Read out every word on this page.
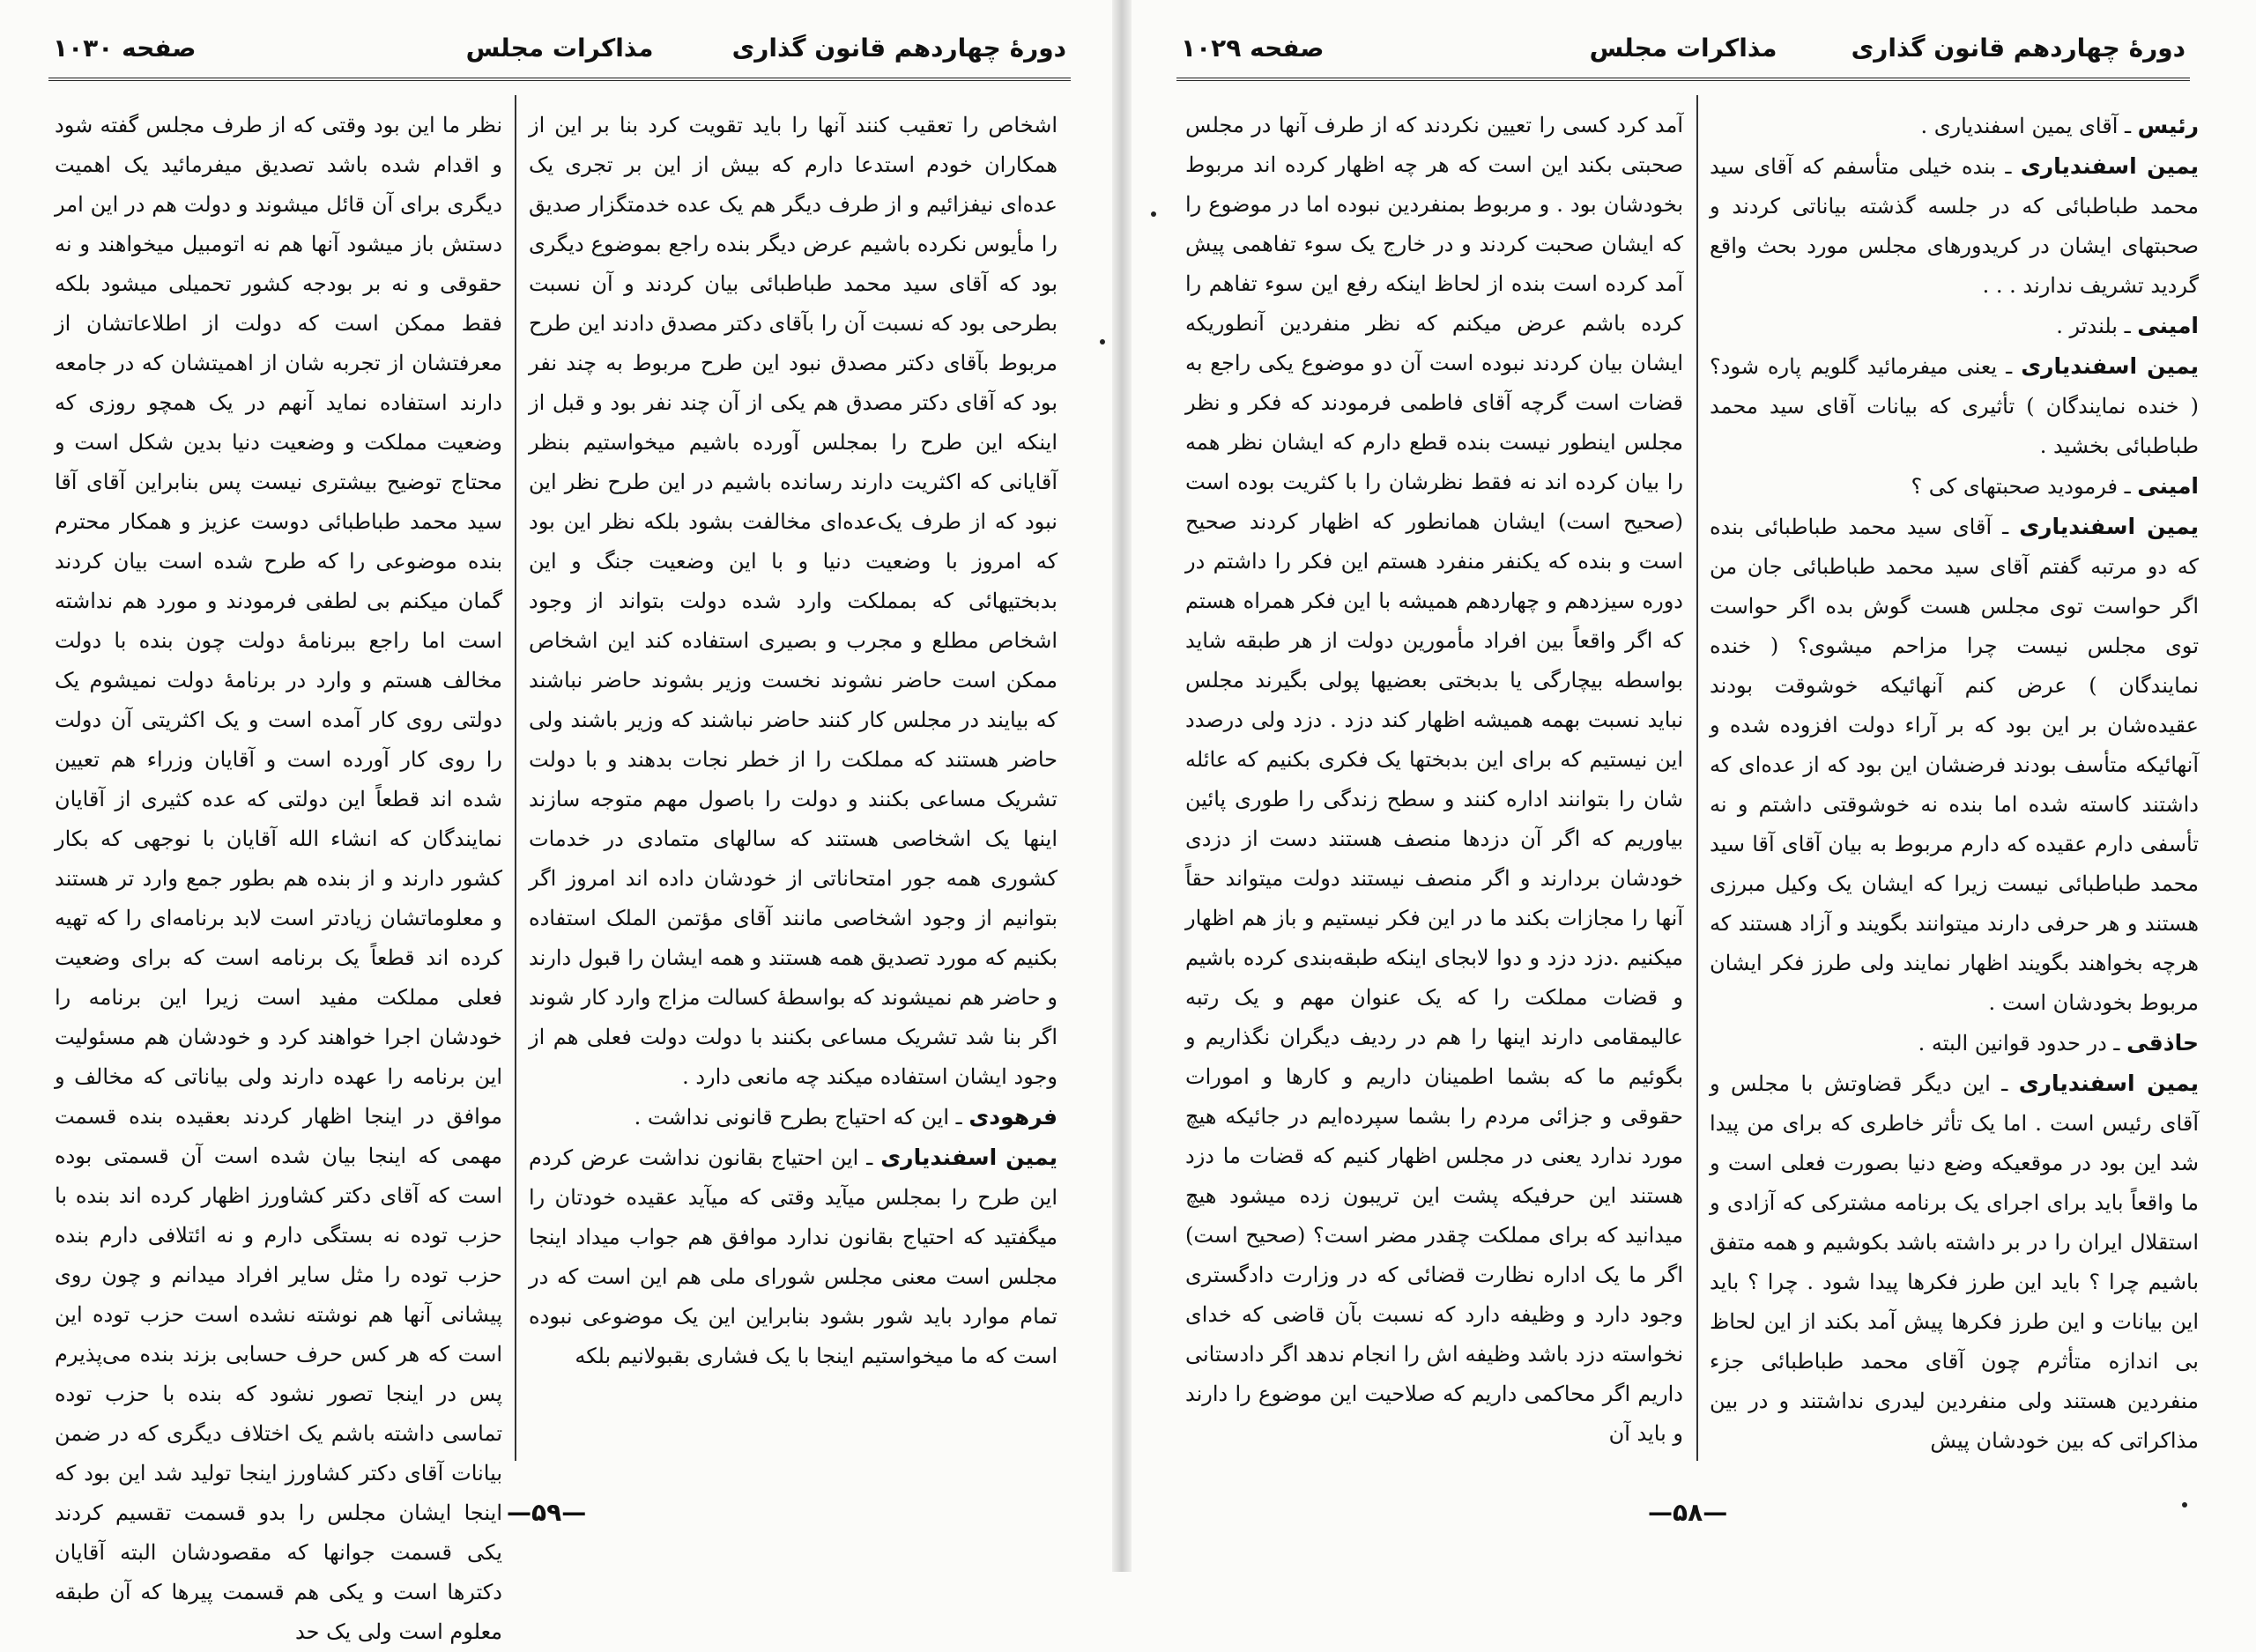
دورهٔ چهاردهم قانون گذاری
مذاکرات مجلس
صفحه ۱۰۳۰

اشخاص را تعقیب کنند آنها را باید تقویت کرد بنا بر این از همکاران خودم استدعا دارم که بیش از این بر تجری یک عده‌ای نیفزائیم و از طرف دیگر هم یک عده خدمتگزار صدیق را مأیوس نکرده باشیم عرض دیگر بنده راجع بموضوع دیگری بود که آقای سید محمد طباطبائی بیان کردند و آن نسبت بطرحی بود که نسبت آن را بآقای دکتر مصدق دادند این طرح مربوط بآقای دکتر مصدق نبود این طرح مربوط به چند نفر بود که آقای دکتر مصدق هم یکی از آن چند نفر بود و قبل از اینکه این طرح را بمجلس آورده باشیم میخواستیم بنظر آقایانی که اکثریت دارند رسانده باشیم در این طرح نظر این نبود که از طرف یک‌عده‌ای مخالفت بشود بلکه نظر این بود که امروز با وضعیت دنیا و با این وضعیت جنگ و این بدبختیهائی که بمملکت وارد شده دولت بتواند از وجود اشخاص مطلع و مجرب و بصیری استفاده کند این اشخاص ممکن است حاضر نشوند نخست وزیر بشوند حاضر نباشند که بیایند در مجلس کار کنند حاضر نباشند که وزیر باشند ولی حاضر هستند که مملکت را از خطر نجات بدهند و با دولت تشریک مساعی بکنند و دولت را باصول مهم متوجه سازند اینها یک اشخاصی هستند که سالهای متمادی در خدمات کشوری همه جور امتحاناتی از خودشان داده اند امروز اگر بتوانیم از وجود اشخاصی مانند آقای مؤتمن الملک استفاده بکنیم که مورد تصدیق همه هستند و همه ایشان را قبول دارند و حاضر هم نمیشوند که بواسطهٔ کسالت مزاج وارد کار شوند اگر بنا شد تشریک مساعی بکنند با دولت دولت فعلی هم از وجود ایشان استفاده میکند چه مانعی دارد .

فرهودی ـ این که احتیاج بطرح قانونی نداشت .

یمین اسفندیاری ـ این احتیاج بقانون نداشت عرض کردم این طرح را بمجلس میآید وقتی که میآید عقیده خودتان را میگفتید که احتیاج بقانون ندارد موافق هم جواب میداد اینجا مجلس است معنی مجلس شورای ملی هم این است که در تمام موارد باید شور بشود بنابراین این یک موضوعی نبوده است که ما میخواستیم اینجا با یک فشاری بقبولانیم بلکه

نظر ما این بود وقتی که از طرف مجلس گفته شود و اقدام شده باشد تصدیق میفرمائید یک اهمیت دیگری برای آن قائل میشوند و دولت هم در این امر دستش باز میشود آنها هم نه اتومبیل میخواهند و نه حقوقی و نه بر بودجه کشور تحمیلی میشود بلکه فقط ممکن است که دولت از اطلاعاتشان از معرفتشان از تجربه شان از اهمیتشان که در جامعه دارند استفاده نماید آنهم در یک همچو روزی که وضعیت مملکت و وضعیت دنیا بدین شکل است و محتاج توضیح بیشتری نیست پس بنابراین آقای آقا سید محمد طباطبائی دوست عزیز و همکار محترم بنده موضوعی را که طرح شده است بیان کردند گمان میکنم بی لطفی فرمودند و مورد هم نداشته است اما راجع ببرنامهٔ دولت چون بنده با دولت مخالف هستم و وارد در برنامهٔ دولت نمیشوم یک دولتی روی کار آمده است و یک اکثریتی آن دولت را روی کار آورده است و آقایان وزراء هم تعیین شده اند قطعاً این دولتی که عده کثیری از آقایان نمایندگان که انشاء الله آقایان با نوجهی که بکار کشور دارند و از بنده هم بطور جمع وارد تر هستند و معلوماتشان زیادتر است لابد برنامه‌ای را که تهیه کرده اند قطعاً یک برنامه است که برای وضعیت فعلی مملکت مفید است زیرا این برنامه را خودشان اجرا خواهند کرد و خودشان هم مسئولیت این برنامه را عهده دارند ولی بیاناتی که مخالف و موافق در اینجا اظهار کردند بعقیده بنده قسمت مهمی که اینجا بیان شده است آن قسمتی بوده است که آقای دکتر کشاورز اظهار کرده اند بنده با حزب توده نه بستگی دارم و نه ائتلافی دارم بنده حزب توده را مثل سایر افراد میدانم و چون روی پیشانی آنها هم نوشته نشده است حزب توده این است که هر کس حرف حسابی بزند بنده می‌پذیرم پس در اینجا تصور نشود که بنده با حزب توده تماسی داشته باشم یک اختلاف دیگری که در ضمن بیانات آقای دکتر کشاورز اینجا تولید شد این بود که اینجا ایشان مجلس را بدو قسمت تقسیم کردند یکی قسمت جوانها که مقصودشان البته آقایان دکترها است و یکی هم قسمت پیرها که آن طبقه معلوم است ولی یک حد

—۵۹—
دورهٔ چهاردهم قانون گذاری
مذاکرات مجلس
صفحه ۱۰۲۹

رئیس ـ آقای یمین اسفندیاری .

یمین اسفندیاری ـ بنده خیلی متأسفم که آقای سید محمد طباطبائی که در جلسه گذشته بیاناتی کردند و صحبتهای ایشان در کریدورهای مجلس مورد بحث واقع گردید تشریف ندارند . . .

امینی ـ بلندتر .

یمین اسفندیاری ـ یعنی میفرمائید گلویم پاره شود؟ ( خنده نمایندگان ) تأثیری که بیانات آقای سید محمد طباطبائی بخشید .

امینی ـ فرمودید صحبتهای کی ؟

یمین اسفندیاری ـ آقای سید محمد طباطبائی بنده که دو مرتبه گفتم آقای سید محمد طباطبائی جان من اگر حواست توی مجلس هست گوش بده اگر حواست توی مجلس نیست چرا مزاحم میشوی؟ ( خنده نمایندگان ) عرض کنم آنهائیکه خوشوقت بودند عقیده‌شان بر این بود که بر آراء دولت افزوده شده و آنهائیکه متأسف بودند فرضشان این بود که از عده‌ای که داشتند کاسته شده اما بنده نه خوشوقتی داشتم و نه تأسفی دارم عقیده که دارم مربوط به بیان آقای آقا سید محمد طباطبائی نیست زیرا که ایشان یک وکیل مبرزی هستند و هر حرفی دارند میتوانند بگویند و آزاد هستند که هرچه بخواهند بگویند اظهار نمایند ولی طرز فکر ایشان مربوط بخودشان است .

حاذقی ـ در حدود قوانین البته .

یمین اسفندیاری ـ این دیگر قضاوتش با مجلس و آقای رئیس است . اما یک تأثر خاطری که برای من پیدا شد این بود در موقعیکه وضع دنیا بصورت فعلی است و ما واقعاً باید برای اجرای یک برنامه مشترکی که آزادی و استقلال ایران را در بر داشته باشد بکوشیم و همه متفق باشیم چرا ؟ باید این طرز فکرها پیدا شود . چرا ؟ باید این بیانات و این طرز فکرها پیش آمد بکند از این لحاظ بی اندازه متأثرم چون آقای محمد طباطبائی جزء منفردین هستند ولی منفردین لیدری نداشتند و در بین مذاکراتی که بین خودشان پیش

آمد کرد کسی را تعیین نکردند که از طرف آنها در مجلس صحبتی بکند این است که هر چه اظهار کرده اند مربوط بخودشان بود . و مربوط بمنفردین نبوده اما در موضوع را که ایشان صحبت کردند و در خارج یک سوء تفاهمی پیش آمد کرده است بنده از لحاظ اینکه رفع این سوء تفاهم را کرده باشم عرض میکنم که نظر منفردین آنطوریکه ایشان بیان کردند نبوده است آن دو موضوع یکی راجع به قضات است گرچه آقای فاطمی فرمودند که فکر و نظر مجلس اینطور نیست بنده قطع دارم که ایشان نظر همه را بیان کرده اند نه فقط نظرشان را با کثریت بوده است (صحیح است) ایشان همانطور که اظهار کردند صحیح است و بنده که یکنفر منفرد هستم این فکر را داشتم در دوره سیزدهم و چهاردهم همیشه با این فکر همراه هستم که اگر واقعاً بین افراد مأمورین دولت از هر طبقه شاید بواسطه بیچارگی یا بدبختی بعضیها پولی بگیرند مجلس نباید نسبت بهمه همیشه اظهار کند دزد . دزد ولی درصدد این نیستیم که برای این بدبختها یک فکری بکنیم که عائله شان را بتوانند اداره کنند و سطح زندگی را طوری پائین بیاوریم که اگر آن دزدها منصف هستند دست از دزدی خودشان بردارند و اگر منصف نیستند دولت میتواند حقاً آنها را مجازات بکند ما در این فکر نیستیم و باز هم اظهار میکنیم .دزد دزد و دوا لابجای اینکه طبقه‌بندی کرده باشیم و قضات مملکت را که یک عنوان مهم و یک رتبه عالیمقامی دارند اینها را هم در ردیف دیگران نگذاریم و بگوئیم ما که بشما اطمینان داریم و کارها و امورات حقوقی و جزائی مردم را بشما سپرده‌ایم در جائیکه هیچ مورد ندارد یعنی در مجلس اظهار کنیم که قضات ما دزد هستند این حرفیکه پشت این تریبون زده میشود هیچ میدانید که برای مملکت چقدر مضر است؟ (صحیح است) اگر ما یک اداره نظارت قضائی که در وزارت دادگستری وجود دارد و وظیفه دارد که نسبت بآن قاضی که خدای نخواسته دزد باشد وظیفه اش را انجام ندهد اگر دادستانی داریم اگر محاکمی داریم که صلاحیت این موضوع را دارند و باید آن

—۵۸—
